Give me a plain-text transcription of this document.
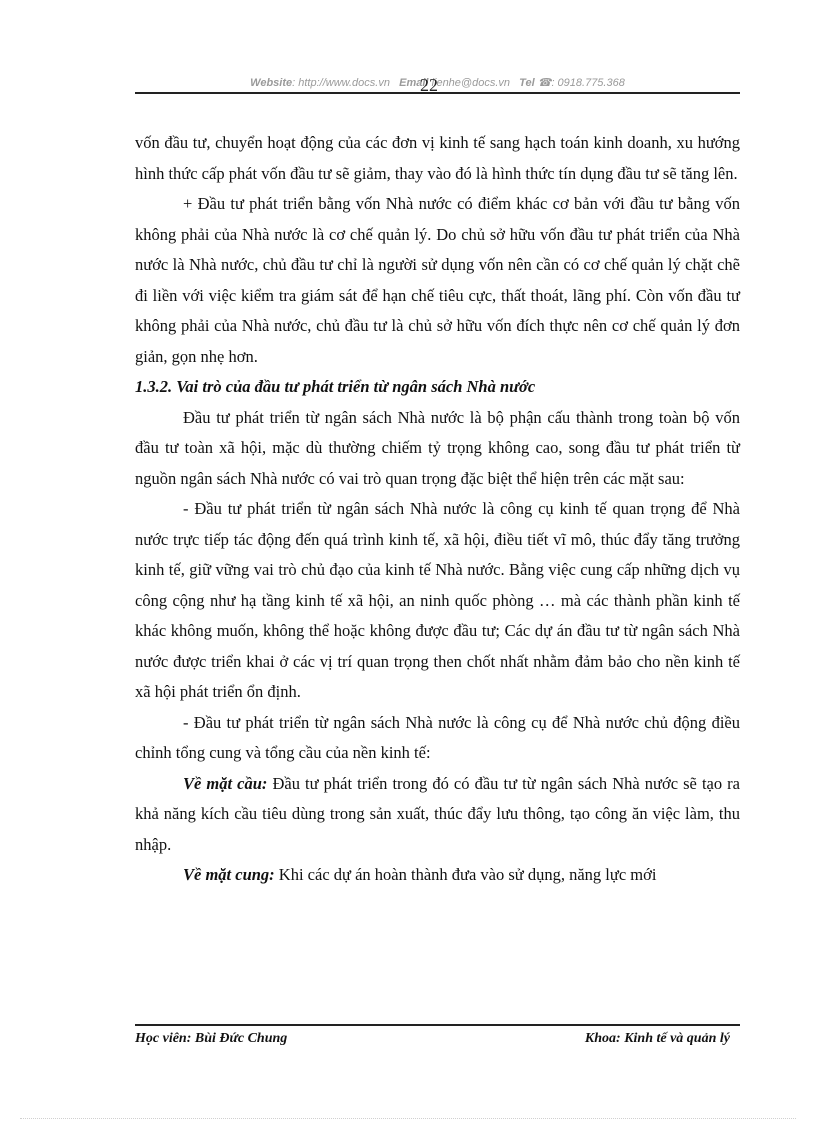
Website: http://www.docs.vn Email lienhe@docs.vn Tel ☎: 0918.775.368
22

vốn đầu tư, chuyển hoạt động của các đơn vị kinh tế sang hạch toán kinh doanh, xu hướng hình thức cấp phát vốn đầu tư sẽ giảm, thay vào đó là hình thức tín dụng đầu tư sẽ tăng lên.

+ Đầu tư phát triển bằng vốn Nhà nước có điểm khác cơ bản với đầu tư bằng vốn không phải của Nhà nước là cơ chế quản lý. Do chủ sở hữu vốn đầu tư phát triển của Nhà nước là Nhà nước, chủ đầu tư chỉ là người sử dụng vốn nên cần có cơ chế quản lý chặt chẽ đi liền với việc kiểm tra giám sát để hạn chế tiêu cực, thất thoát, lãng phí. Còn vốn đầu tư không phải của Nhà nước, chủ đầu tư là chủ sở hữu vốn đích thực nên cơ chế quản lý đơn giản, gọn nhẹ hơn.

1.3.2. Vai trò của đầu tư phát triển từ ngân sách Nhà nước

Đầu tư phát triển từ ngân sách Nhà nước là bộ phận cấu thành trong toàn bộ vốn đầu tư toàn xã hội, mặc dù thường chiếm tỷ trọng không cao, song đầu tư phát triển từ nguồn ngân sách Nhà nước có vai trò quan trọng đặc biệt thể hiện trên các mặt sau:

- Đầu tư phát triển từ ngân sách Nhà nước là công cụ kinh tế quan trọng để Nhà nước trực tiếp tác động đến quá trình kinh tế, xã hội, điều tiết vĩ mô, thúc đẩy tăng trưởng kinh tế, giữ vững vai trò chủ đạo của kinh tế Nhà nước. Bằng việc cung cấp những dịch vụ công cộng như hạ tầng kinh tế xã hội, an ninh quốc phòng … mà các thành phần kinh tế khác không muốn, không thể hoặc không được đầu tư; Các dự án đầu tư từ ngân sách Nhà nước được triển khai ở các vị trí quan trọng then chốt nhất nhằm đảm bảo cho nền kinh tế xã hội phát triển ổn định.

- Đầu tư phát triển từ ngân sách Nhà nước là công cụ để Nhà nước chủ động điều chỉnh tổng cung và tổng cầu của nền kinh tế:

Về mặt cầu: Đầu tư phát triển trong đó có đầu tư từ ngân sách Nhà nước sẽ tạo ra khả năng kích cầu tiêu dùng trong sản xuất, thúc đẩy lưu thông, tạo công ăn việc làm, thu nhập.

Về mặt cung: Khi các dự án hoàn thành đưa vào sử dụng, năng lực mới

Học viên: Bùi Đức Chung	Khoa: Kinh tế và quản lý
